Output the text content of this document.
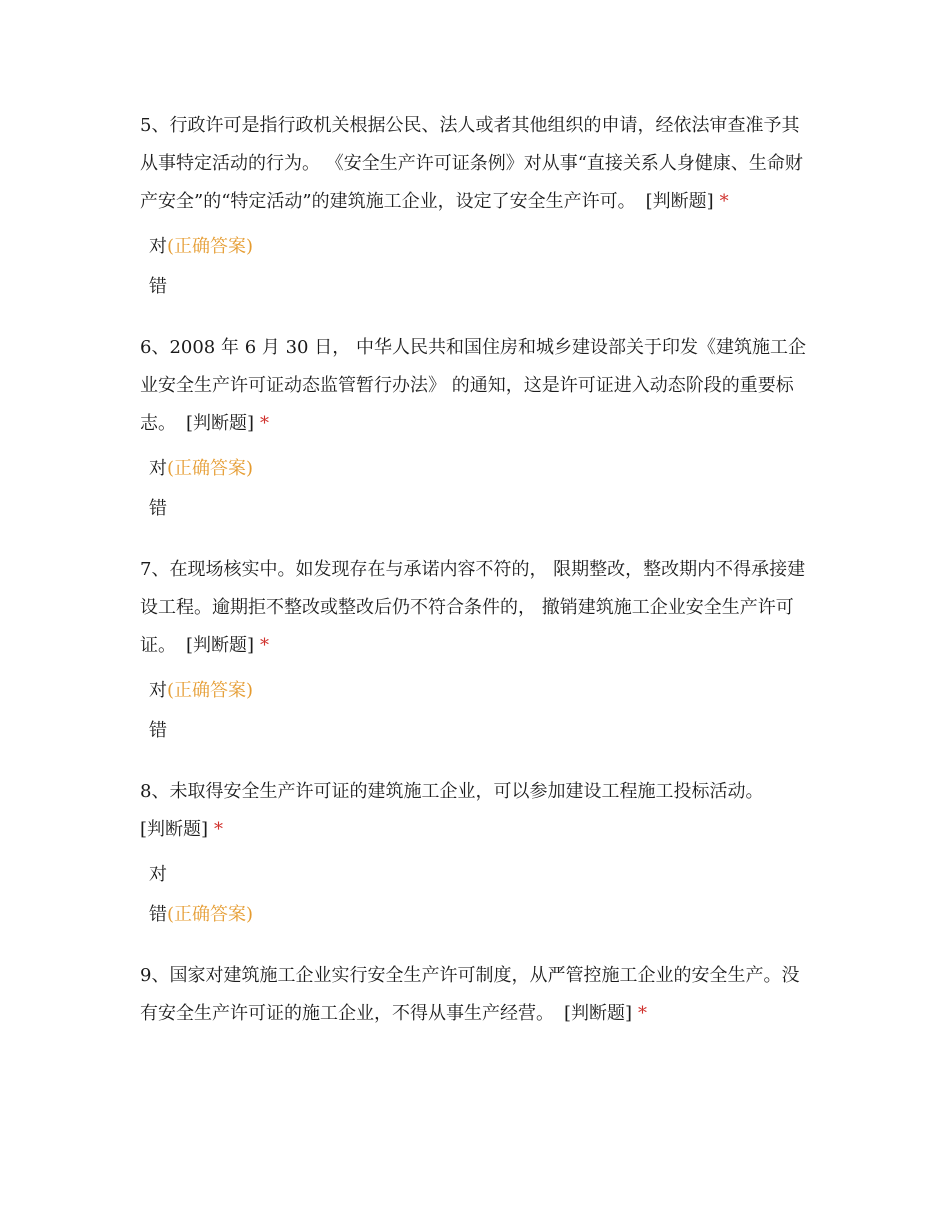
5、行政许可是指行政机关根据公民、法人或者其他组织的申请，经依法审查准予其从事特定活动的行为。 《安全生产许可证条例》对从事“直接关系人身健康、生命财产安全”的“特定活动”的建筑施工企业，设定了安全生产许可。 [判断题] *

对(正确答案)
错

6、2008 年 6 月 30 日， 中华人民共和国住房和城乡建设部关于印发《建筑施工企业安全生产许可证动态监管暂行办法》 的通知，这是许可证进入动态阶段的重要标志。 [判断题] *

对(正确答案)
错

7、在现场核实中。如发现存在与承诺内容不符的， 限期整改，整改期内不得承接建设工程。逾期拒不整改或整改后仍不符合条件的， 撤销建筑施工企业安全生产许可证。 [判断题] *

对(正确答案)
错

8、未取得安全生产许可证的建筑施工企业，可以参加建设工程施工投标活动。
[判断题] *

对
错(正确答案)

9、国家对建筑施工企业实行安全生产许可制度，从严管控施工企业的安全生产。没有安全生产许可证的施工企业，不得从事生产经营。 [判断题] *
